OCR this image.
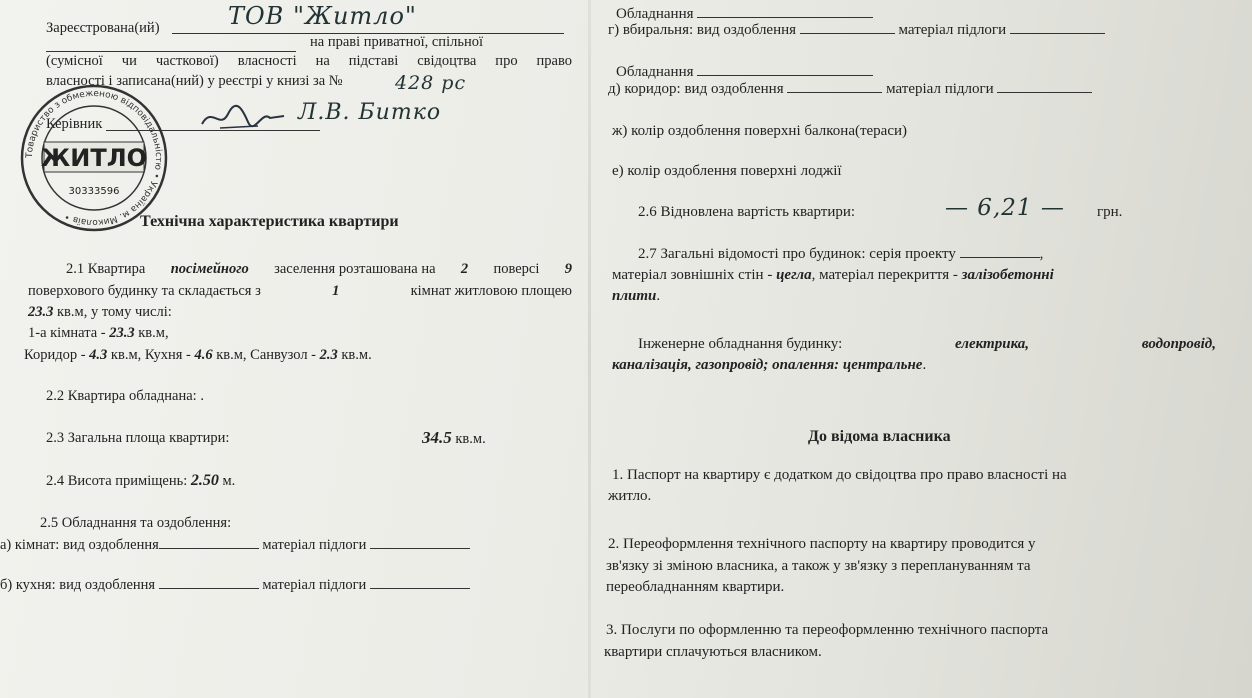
Зареєстрована(ий)	ТОВ "Житло"
на праві приватної, спільної
(сумісної чи часткової) власності на підставі свідоцтва про право
власності і записана(ний) у реєстрі у книзі за №	428 рс
Керівник	Л.В. Битко
ЖИТЛО
30333596
Товариство з обмеженою відповідальністю • Україна м. Миколаїв •	Технічна характеристика квартири
2.1 Квартира посімейного заселення розташована на 2 поверсі 9
поверхового будинку та складається з	1	кімнат житловою площею
23.3 кв.м, у тому числі:
1-а кімната - 23.3 кв.м,
Коридор - 4.3 кв.м, Кухня - 4.6 кв.м, Санвузол - 2.3 кв.м.
2.2 Квартира обладнана: .
2.3 Загальна площа квартири:	34.5 кв.м.
2.4 Висота приміщень: 2.50 м.
2.5 Обладнання та оздоблення:
а) кімнат: вид оздоблення	матеріал підлоги
б) кухня: вид оздоблення	матеріал підлоги
Обладнання
г) вбиральня: вид оздоблення	матеріал підлоги
Обладнання
д) коридор: вид оздоблення	матеріал підлоги
ж) колір оздоблення поверхні балкона(тераси)
е) колір оздоблення поверхні лоджії
2.6 Відновлена вартість квартири:	— 6,21 — грн.
2.7 Загальні відомості про будинок: серія проекту	,
матеріал зовнішніх стін - цегла, матеріал перекриття - залізобетонні
плити.
Інженерне обладнання будинку:	електрика,	водопровід,
каналізація, газопровід; опалення: центральне.
До відома власника
1. Паспорт на квартиру є додатком до свідоцтва про право власності на
житло.
2. Переоформлення технічного паспорту на квартиру проводится у
зв'язку зі зміною власника, а також у зв'язку з переплануванням та
переобладнанням квартири.
3. Послуги по оформленню та переоформленню технічного паспорта
квартири сплачуються власником.
